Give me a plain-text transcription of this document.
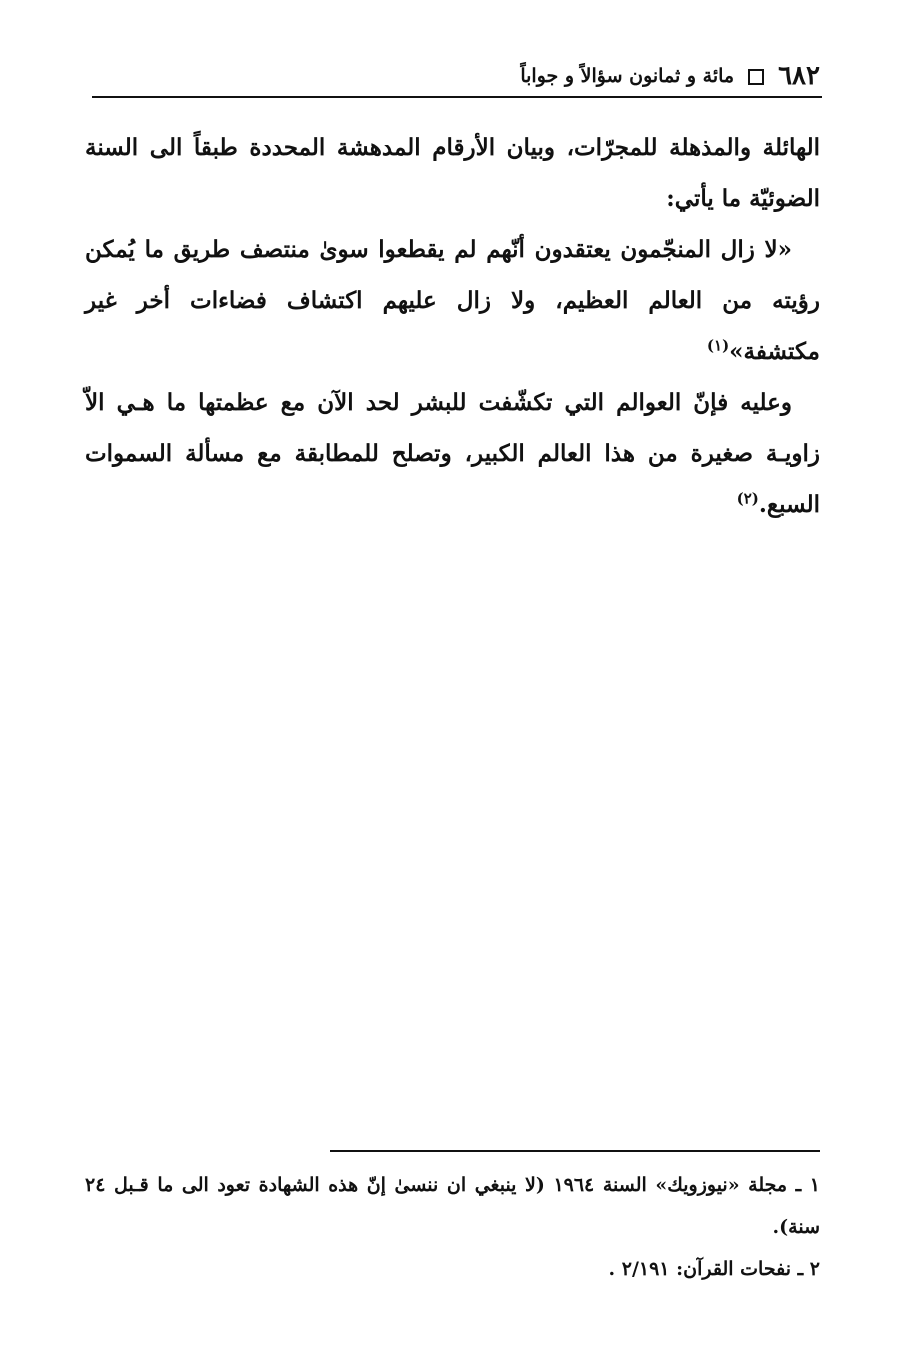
٦٨٢
مائة و ثمانون سؤالاً و جواباً

الهائلة والمذهلة للمجرّات، وبيان الأرقام المدهشة المحددة طبقاً الى السنة الضوئيّة ما يأتي:

«لا زال المنجّمون يعتقدون أنّهم لم يقطعوا سوىٰ منتصف طريق ما يُمكن رؤيته من العالم العظيم، ولا زال عليهم اكتشاف فضاءات أخر غير مكتشفة»$^{(١)}$

وعليه فإنّ العوالم التي تكشّفت للبشر لحد الآن مع عظمتها ما هـي الاّ زاويـة صغيرة من هذا العالم الكبير، وتصلح للمطابقة مع مسألة السموات السبع.$^{(٢)}$

١ ـ مجلة «نيوزويك» السنة ١٩٦٤ (لا ينبغي ان ننسىٰ إنّ هذه الشهادة تعود الى ما قـبل ٢٤ سنة).

٢ ـ نفحات القرآن: ٢/١٩١ .
